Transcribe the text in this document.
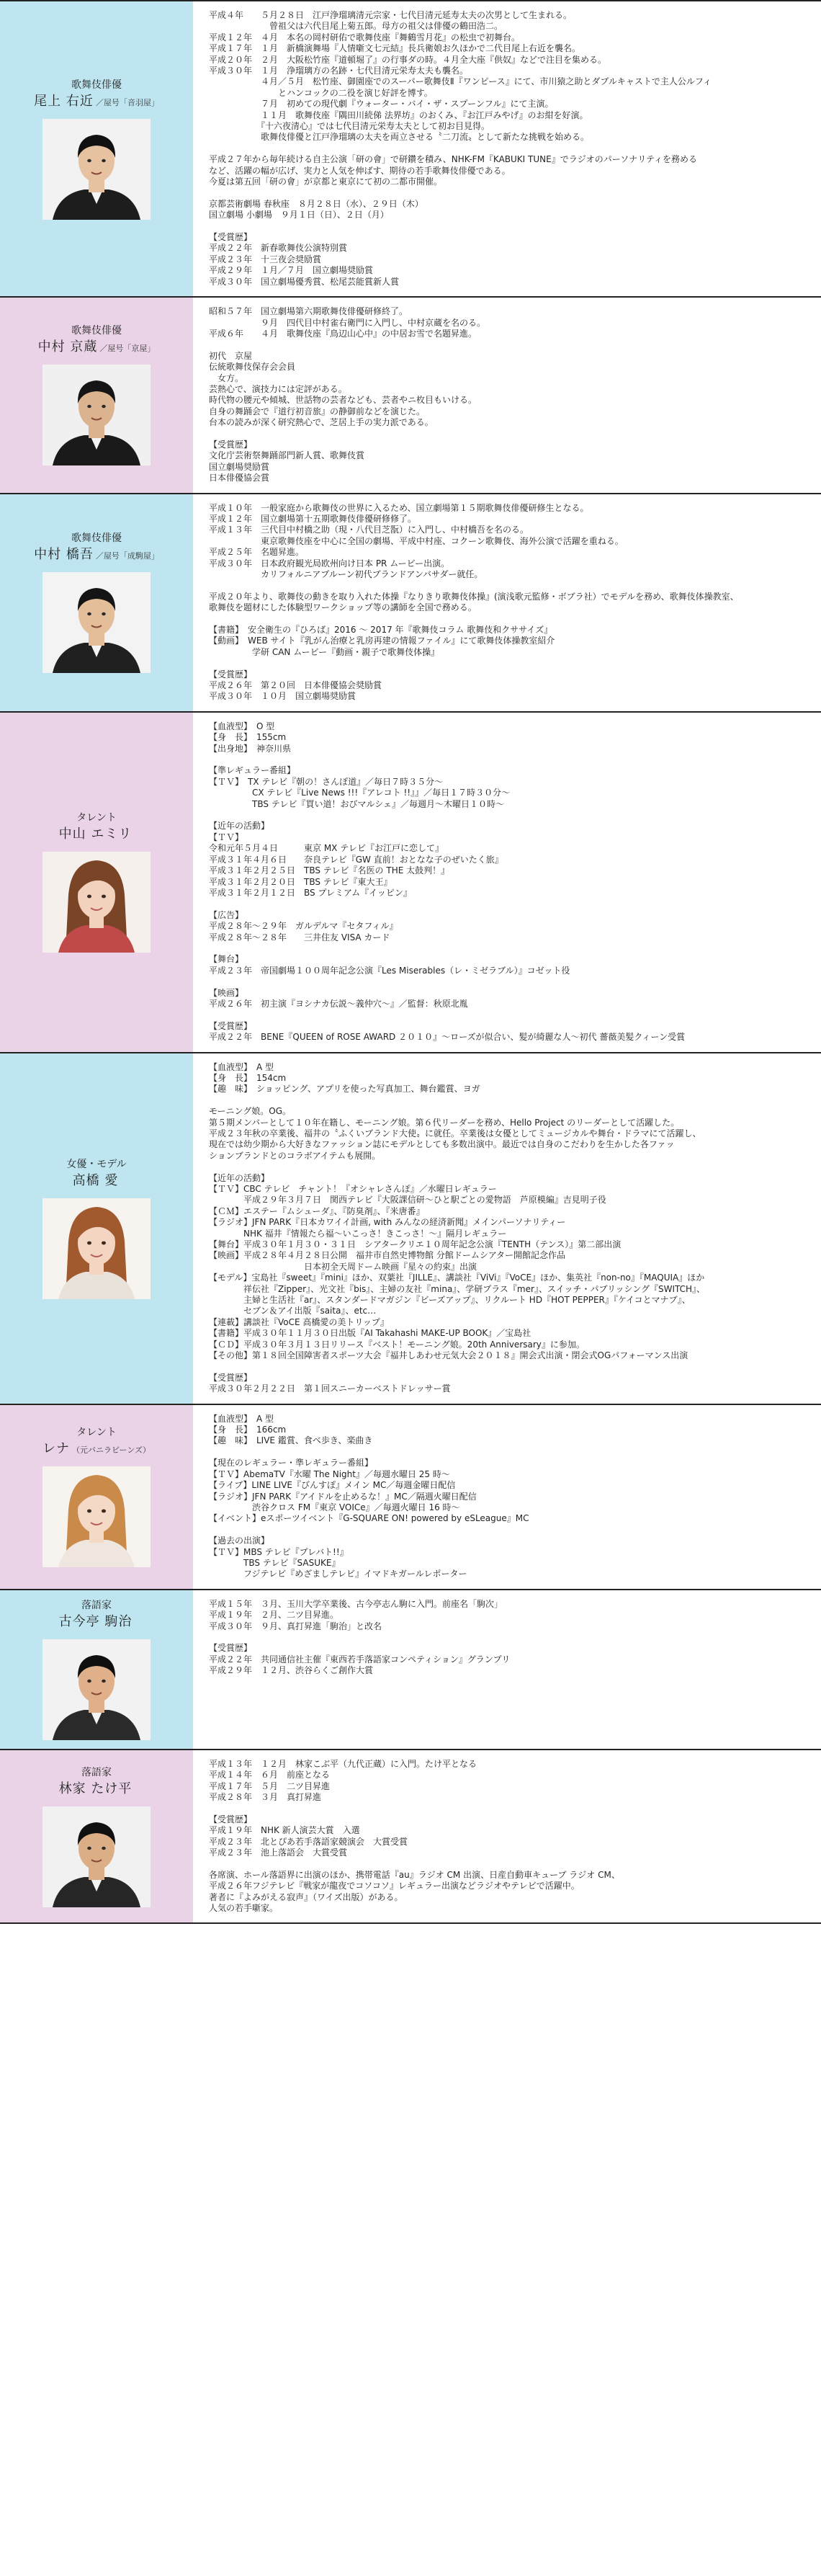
歌舞伎俳優
尾上 右近 ／屋号「音羽屋」
平成４年　　５月２８日　江戸浄瑠璃清元宗家・七代目清元延寿太夫の次男として生まれる。
　　　　　　　曾祖父は六代目尾上菊五郎。母方の祖父は俳優の鶴田浩二。
平成１２年　４月　本名の岡村研佑で歌舞伎座『舞鶴雪月花』の松虫で初舞台。
平成１７年　１月　新橋演舞場『人情噺文七元結』長兵衛娘お久ほかで二代目尾上右近を襲名。
平成２０年　２月　大阪松竹座『道頓堀了』の行事ダの時。４月全大座『供奴』などで注目を集める。
平成３０年　１月　浄瑠璃方の名跡・七代目清元栄寿太夫も襲名。
　　　　　　４月／５月　松竹座、御園座でのスーパー歌舞伎Ⅱ『ワンピース』にて、市川猿之助とダブルキャストで主人公ルフィ
　　　　　　　　とハンコックの二役を演じ好評を博す。
　　　　　　７月　初めての現代劇『ウォーター・バイ・ザ・スプーンフル』にて主演。
　　　　　　１１月　歌舞伎座『隅田川続俤 法界坊』のおくみ、『お江戸みやげ』のお紺を好演。
　　　　　　『十六夜清心』では七代目清元栄寿太夫として初お目見得。
　　　　　　歌舞伎俳優と江戸浄瑠璃の太夫を両立させる〝二刀流〟として新たな挑戦を始める。
平成２７年から毎年続ける自主公演「研の會」で研鑽を積み、NHK-FM『KABUKI TUNE』でラジオのパーソナリティを務める
など、活躍の幅が広げ、実力と人気を伸ばす、期待の若手歌舞伎俳優である。
今夏は第五回「研の會」が京都と東京にて初の二都市開催。
京都芸術劇場 春秋座　８月２８日（水）、２９日（木）
国立劇場 小劇場　９月１日（日）、２日（月）
【受賞歴】
平成２２年　新春歌舞伎公演特別賞
平成２３年　十三夜会奨励賞
平成２９年　１月／７月　国立劇場奨励賞
平成３０年　国立劇場優秀賞、松尾芸能賞新人賞
歌舞伎俳優
中村 京蔵 ／屋号「京屋」
昭和５７年　国立劇場第六期歌舞伎俳優研修終了。
　　　　　　９月　四代目中村雀右衛門に入門し、中村京蔵を名のる。
平成６年　　４月　歌舞伎座『鳥辺山心中』の中居お雪で名題昇進。
初代　京屋
伝統歌舞伎保存会会員
　女方。
芸熱心で、演技力には定評がある。
時代物の腰元や傾城、世話物の芸者なども、芸者やニ枚目もいける。
自身の舞踊会で『道行初音旅』の静御前などを演じた。
台本の読みが深く研究熱心で、芝居上手の実力派である。
【受賞歴】
文化庁芸術祭舞踊部門新人賞、歌舞伎賞
国立劇場奨励賞
日本俳優協会賞
歌舞伎俳優
中村 橋吾 ／屋号「成駒屋」
平成１０年　一般家庭から歌舞伎の世界に入るため、国立劇場第１５期歌舞伎俳優研修生となる。
平成１２年　国立劇場第十五期歌舞伎俳優研修修了。
平成１３年　三代目中村橋之助（現・八代目芝翫）に入門し、中村橋吾を名のる。
　　　　　　東京歌舞伎座を中心に全国の劇場、平成中村座、コクーン歌舞伎、海外公演で活躍を重ねる。
平成２５年　名題昇進。
平成３０年　日本政府観光局欧州向け日本 PR ムービー出演。
　　　　　　カリフォルニアプルーン初代ブランドアンバサダー就任。
平成２０年より、歌舞伎の動きを取り入れた体操『なりきり歌舞伎体操』(演浅歌元監修・ボブラ社）でモデルを務め、歌舞伎体操教室、
歌舞伎を題材にした体験型ワークショップ等の講師を全国で務める。
【書籍】　安全衛生の『ひろば』2016 ～ 2017 年『歌舞伎コラム 歌舞伎和クササイズ』
【動画】　WEB サイト『乳がん治療と乳房再建の情報ファイル』にて歌舞伎体操教室紹介
　　　　　学研 CAN ムービー『動画・親子で歌舞伎体操』
【受賞歴】
平成２６年　第２０回　日本俳優協会奨励賞
平成３０年　１０月　国立劇場奨励賞
タレント
中山 エミリ
【血液型】　O 型
【身　長】　155cm
【出身地】　神奈川県
【準レギュラー番組】
【ＴＶ】　TX テレビ『朝の！さんぽ道』／毎日７時３５分～
　　　　　CX テレビ『Live News !!!『アレコト !!』』／毎日１７時３０分～
　　　　　TBS テレビ『買い道！おびマルシェ』／毎週月～木曜日１０時～
【近年の活動】
【ＴＶ】
令和元年５月４日　　　東京 MX テレビ『お江戸に恋して』
平成３１年４月６日　　奈良テレビ『GW 直前！おとなな子のぜいたく旅』
平成３１年２月２５日　TBS テレビ『名医の THE 太鼓判！』
平成３１年２月２０日　TBS テレビ『東大王』
平成３１年２月１２日　BS プレミアム『イッピン』
【広告】
平成２８年～２９年　ガルデルマ『セタフィル』
平成２８年～２８年　　三井住友 VISA カード
【舞台】
平成２３年　帝国劇場１００周年記念公演『Les Miserables（レ・ミゼラブル）』コゼット役
【映画】
平成２６年　初主演『ヨシナカ伝説～義仲穴～』／監督：秋原北胤
【受賞歴】
平成２２年　BENE『QUEEN of ROSE AWARD ２０１０』～ローズが似合い、髪が綺麗な人～初代 薔薇美髪クィーン受賞
女優・モデル
高橋 愛
【血液型】　A 型
【身　長】　154cm
【趣　味】　ショッピング、アプリを使った写真加工、舞台鑑賞、ヨガ
モーニング娘。OG。
第５期メンバーとして１０年在籍し、モーニング娘。第６代リーダーを務め、Hello Project のリーダーとして活躍した。
平成２３年秋の卒業後、福井の〝ふくいブランド大使〟に就任。卒業後は女優としてミュージカルや舞台・ドラマにて活躍し、
現在では幼少期から大好きなファッション誌にモデルとしても多数出演中。最近では自身のこだわりを生かした各ファッ
ションブランドとのコラボアイテムも展開。
【近年の活動】
【ＴＶ】CBC テレビ　チャント！『オシャレさんぽ』／水曜日レギュラー
　　　　平成２９年３月７日　関西テレビ『大阪課信研～ひと駅ごとの愛物語　芦原模編』吉見明子役
【ＣＭ】エステー『ムシューダ』、『防臭剤』、『米唐番』
【ラジオ】JFN PARK『日本カワイイ計画, with みんなの経済新聞』メインパーソナリティー
　　　　NHK 福井『情報たら福～いこっさ！きこっさ！～』隔月レギュラー
【舞台】平成３０年１月３０・３１日　シアタークリエ１０周年記念公演『TENTH（テンス）』第二部出演
【映画】平成２８年４月２８日公開　福井市自然史博物館 分館ドームシアター開館記念作品
　　　　　　　　　　　日本初全天周ドーム映画『星々の約束』出演
【モデル】宝島社『sweet』『mini』ほか、双葉社『JILLE』、講談社『ViVi』『VoCE』ほか、集英社『non-no』『MAQUIA』ほか
　　　　祥伝社『Zipper』、光文社『bis』、主婦の友社『mina』、学研プラス『mer』、スイッチ・パブリッシング『SWITCH』、
　　　　主婦と生活社『ar』、スタンダードマガジン『ビーズアップ』、リクルート HD『HOT PEPPER』『ケイコとマナブ』、
　　　　セブン＆アイ出版『saita』、etc…
【連載】講談社『VoCE 高橋愛の美トリップ』
【書籍】平成３０年１１月３０日出版『AI Takahashi MAKE-UP BOOK』／宝島社
【ＣＤ】平成３０年３月１３日リリース『ベスト！モーニング娘。20th Anniversary』に参加。
【その他】第１８回全国障害者スポーツ大会『福井しあわせ元気大会２０１８』開会式出演・閉会式OGパフォーマンス出演
【受賞歴】
平成３０年２月２２日　第１回スニーカーベストドレッサー賞
タレント
レナ （元バニラビーンズ）
【血液型】　A 型
【身　長】　166cm
【趣　味】　LIVE 鑑賞、食べ歩き、楽曲き
【現在のレギュラー・準レギュラー番組】
【ＴＶ】AbemaTV『水曜 The Night』／毎週水曜日 25 時～
【ライブ】LINE LIVE『びんすぽ』メイン MC／毎週金曜日配信
【ラジオ】JFN PARK『アイドルを止めるな！』MC／隔週火曜日配信
　　　　　渋谷クロス FM『東京 VOICe』／毎週火曜日 16 時～
【イベント】eスポーツイベント『G-SQUARE ON! powered by eSLeague』MC
【過去の出演】
【ＴＶ】MBS テレビ『プレバト!!』
　　　　TBS テレビ『SASUKE』
　　　　フジテレビ『めざましテレビ』イマドキガールレポーター
落語家
古今亭 駒治
平成１５年　３月、玉川大学卒業後、古今亭志ん駒に入門。前座名「駒次」
平成１９年　２月、二ツ目昇進。
平成３０年　９月、真打昇進「駒治」と改名
【受賞歴】
平成２２年　共同通信社主催『東西若手落語家コンペティション』グランプリ
平成２９年　１２月、渋谷らくご創作大賞
落語家
林家 たけ平
平成１３年　１２月　林家こぶ平（九代正蔵）に入門。たけ平となる
平成１４年　６月　前座となる
平成１７年　５月　二ツ目昇進
平成２８年　３月　真打昇進
【受賞歴】
平成１９年　NHK 新人演芸大賞　入選
平成２３年　北とぴあ若手落語家競演会　大賞受賞
平成２３年　池上落語会　大賞受賞
各席演、ホール落語界に出演のほか、携帯電話『au』ラジオ CM 出演、日産自動車キューブ ラジオ CM、
平成２６年フジテレビ『戦家が龍夜でコソコソ』レギュラー出演などラジオやテレビで活躍中。
著者に『よみがえる寂声』（ワイズ出版）がある。
人気の若手噺家。
